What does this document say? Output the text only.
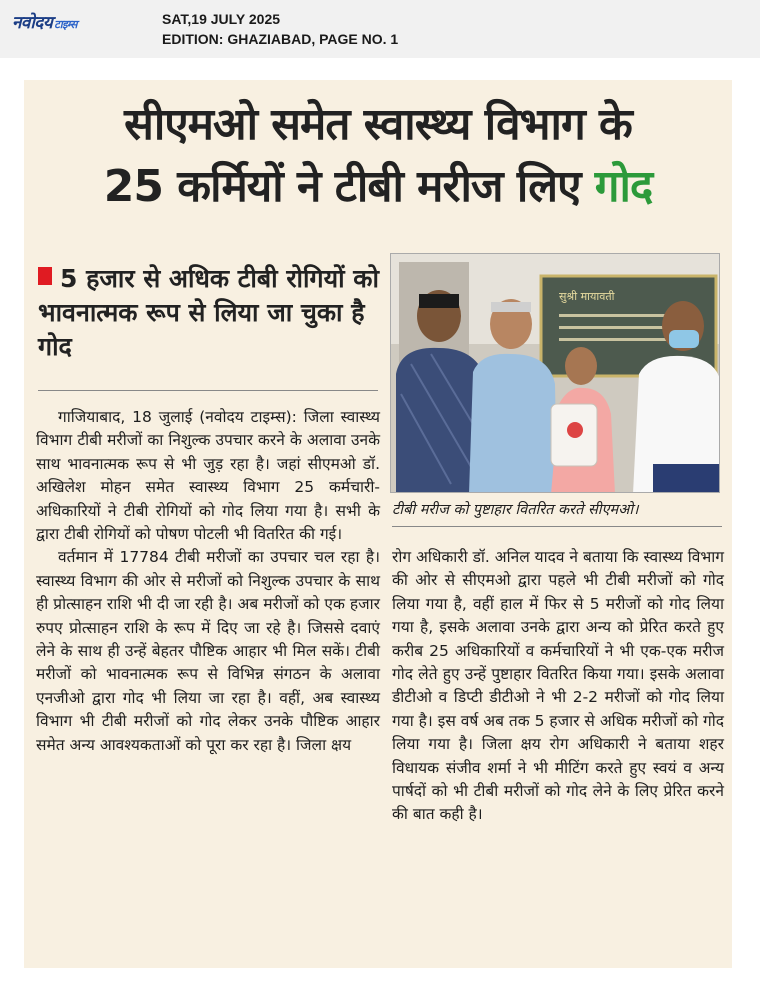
नवोदय टाइम्स	SAT,19 JULY 2025
EDITION: GHAZIABAD, PAGE NO. 1
सीएमओ समेत स्वास्थ्य विभाग के
25 कर्मियों ने टीबी मरीज लिए गोद
5 हजार से अधिक टीबी रोगियों को भावनात्मक रूप से लिया जा चुका है गोद
सुश्री मायावती
टीबी मरीज को पुष्टाहार वितरित करते सीएमओ।

गाजियाबाद, 18 जुलाई (नवोदय टाइम्स): जिला स्वास्थ्य विभाग टीबी मरीजों का निशुल्क उपचार करने के अलावा उनके साथ भावनात्मक रूप से भी जुड़ रहा है। जहां सीएमओ डॉ. अखिलेश मोहन समेत स्वास्थ्य विभाग 25 कर्मचारी-अधिकारियों ने टीबी रोगियों को गोद लिया गया है। सभी के द्वारा टीबी रोगियों को पोषण पोटली भी वितरित की गई।

वर्तमान में 17784 टीबी मरीजों का उपचार चल रहा है। स्वास्थ्य विभाग की ओर से मरीजों को निशुल्क उपचार के साथ ही प्रोत्साहन राशि भी दी जा रही है। अब मरीजों को एक हजार रुपए प्रोत्साहन राशि के रूप में दिए जा रहे है। जिससे दवाएं लेने के साथ ही उन्हें बेहतर पौष्टिक आहार भी मिल सकें। टीबी मरीजों को भावनात्मक रूप से विभिन्न संगठन के अलावा एनजीओ द्वारा गोद भी लिया जा रहा है। वहीं, अब स्वास्थ्य विभाग भी टीबी मरीजों को गोद लेकर उनके पौष्टिक आहार समेत अन्य आवश्यकताओं को पूरा कर रहा है। जिला क्षय

रोग अधिकारी डॉ. अनिल यादव ने बताया कि स्वास्थ्य विभाग की ओर से सीएमओ द्वारा पहले भी टीबी मरीजों को गोद लिया गया है, वहीं हाल में फिर से 5 मरीजों को गोद लिया गया है, इसके अलावा उनके द्वारा अन्य को प्रेरित करते हुए करीब 25 अधिकारियों व कर्मचारियों ने भी एक-एक मरीज गोद लेते हुए उन्हें पुष्टाहार वितरित किया गया। इसके अलावा डीटीओ व डिप्टी डीटीओ ने भी 2-2 मरीजों को गोद लिया गया है। इस वर्ष अब तक 5 हजार से अधिक मरीजों को गोद लिया गया है। जिला क्षय रोग अधिकारी ने बताया शहर विधायक संजीव शर्मा ने भी मीटिंग करते हुए स्वयं व अन्य पार्षदों को भी टीबी मरीजों को गोद लेने के लिए प्रेरित करने की बात कही है।
